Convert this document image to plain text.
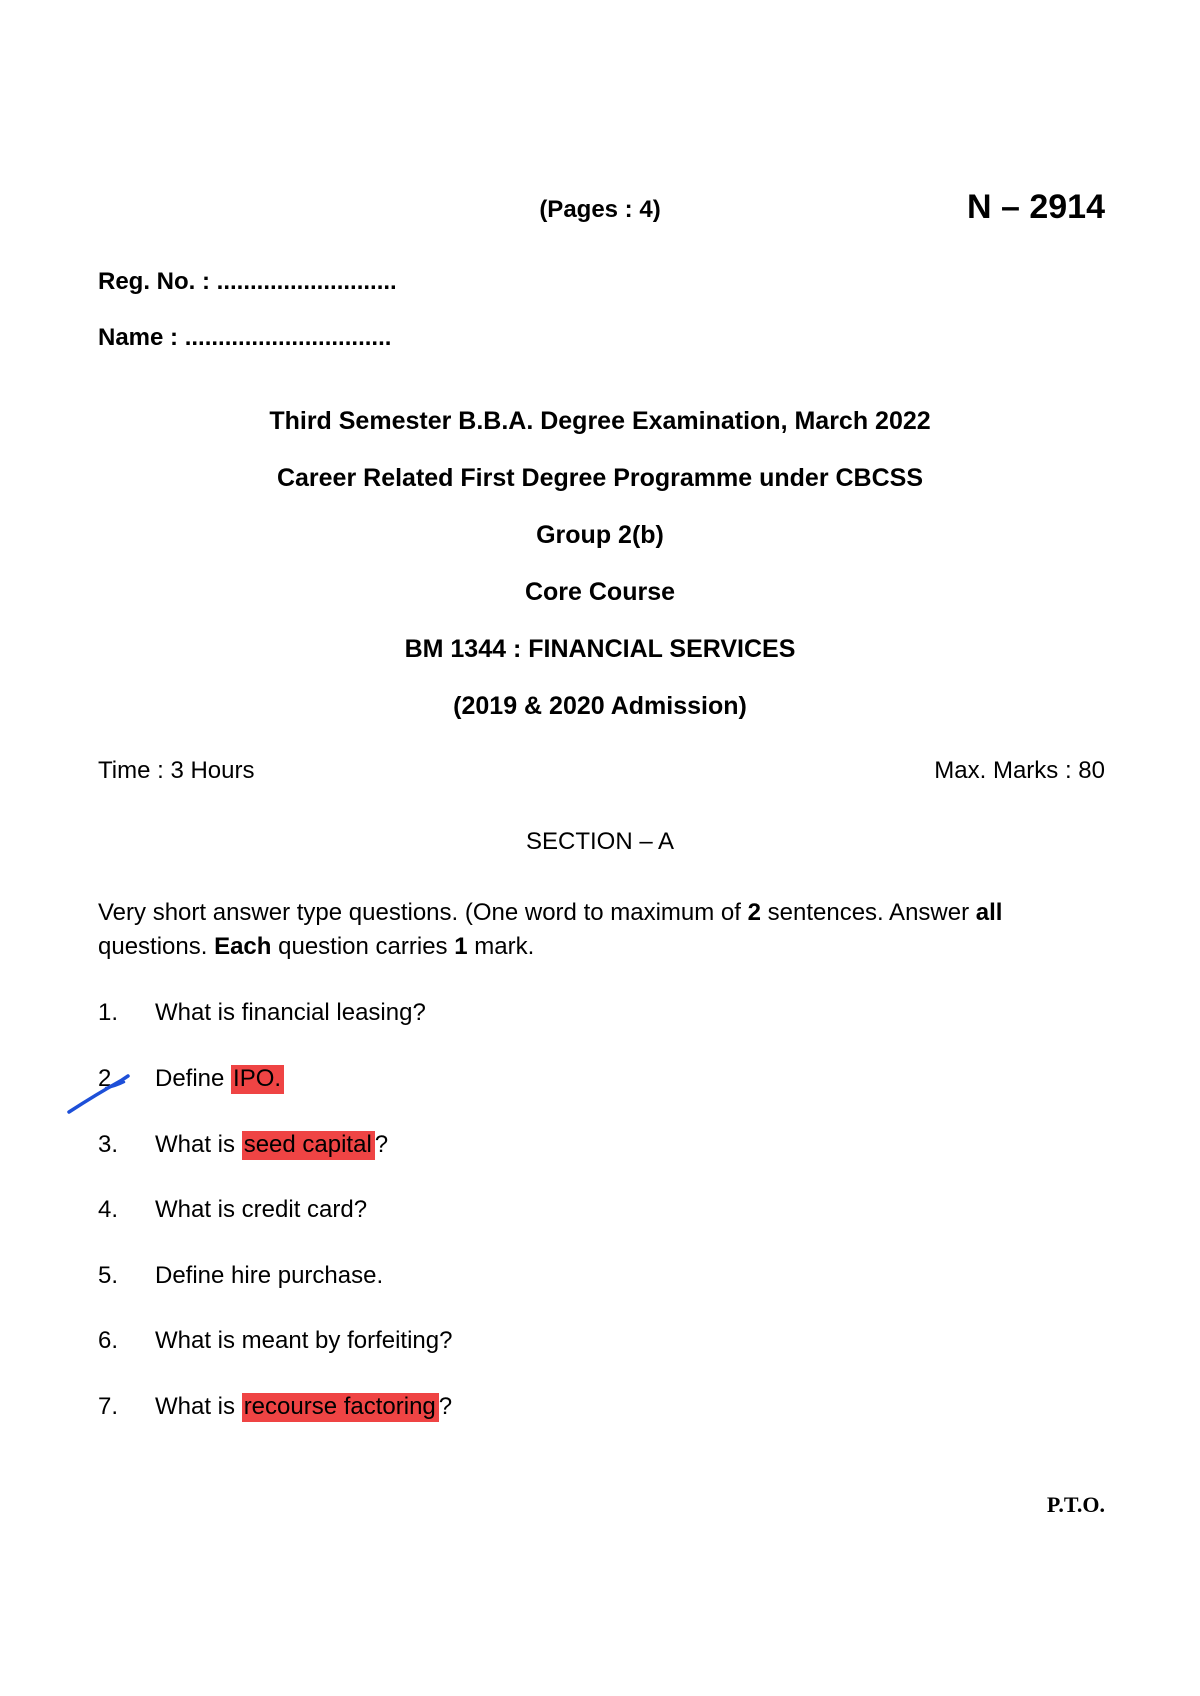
(Pages : 4)	N – 2914
Reg. No. : ...........................
Name : ...............................
Third Semester B.B.A. Degree Examination, March 2022
Career Related First Degree Programme under CBCSS
Group 2(b)
Core Course
BM 1344 : FINANCIAL SERVICES
(2019 & 2020 Admission)
Time : 3 Hours	Max. Marks : 80
SECTION – A
Very short answer type questions. (One word to maximum of 2 sentences. Answer all
questions. Each question carries 1 mark.
1. What is financial leasing?
2. Define IPO.
3. What is seed capital ?
4. What is credit card?
5. Define hire purchase.
6. What is meant by forfeiting?
7. What is recourse factoring ?
P.T.O.
